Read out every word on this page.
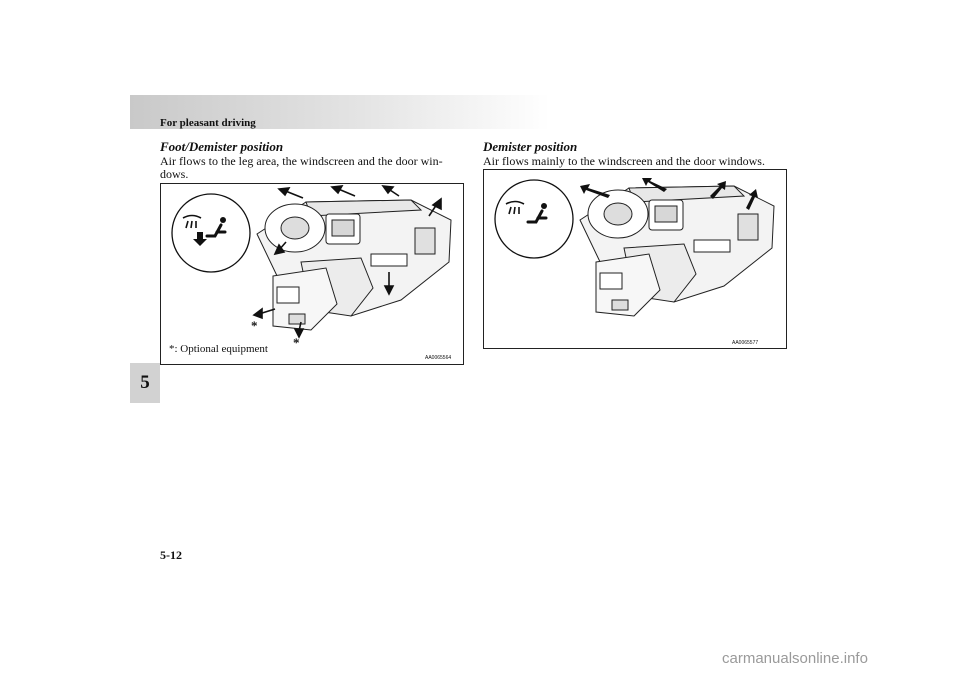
For pleasant driving
5
5-12
carmanualsonline.info
Foot/Demister position
Air flows to the leg area, the windscreen and the door win-
dows.
*
*
*: Optional equipment
AA0065564
Demister position
Air flows mainly to the windscreen and the door windows.
AA0065577
